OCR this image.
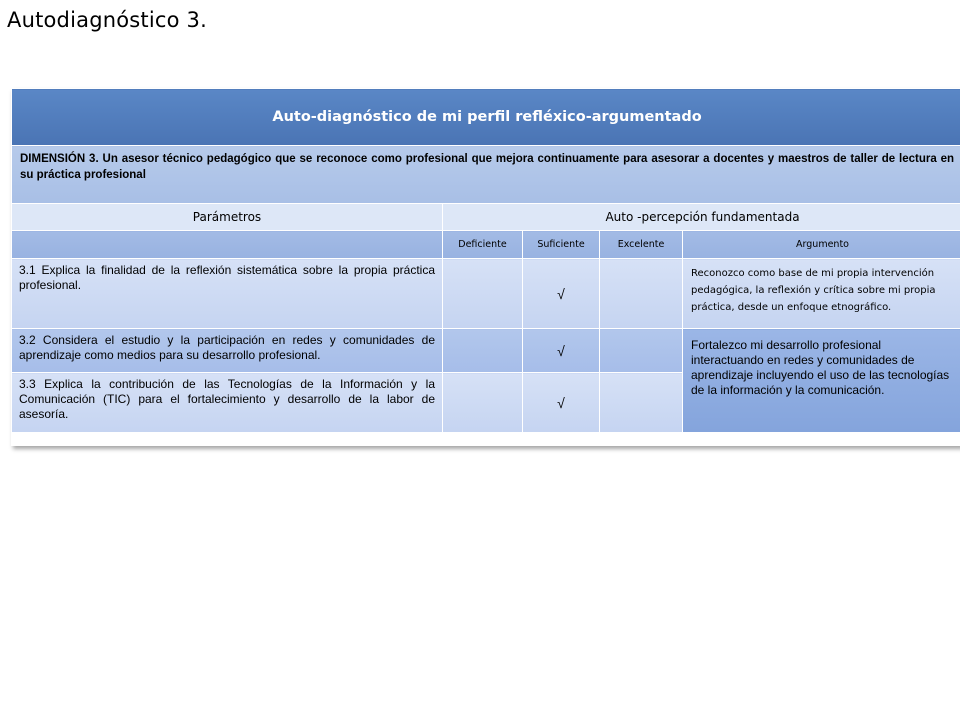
Autodiagnóstico 3.
Auto-diagnóstico de mi perfil refléxico-argumentado				
DIMENSIÓN 3. Un asesor técnico pedagógico que se reconoce como profesional que mejora continuamente para asesorar a docentes y maestros de taller de lectura en su práctica profesional				
Parámetros	Auto -percepción fundamentada			
	Deficiente	Suficiente	Excelente	Argumento
3.1 Explica la finalidad de la reflexión sistemática sobre la propia práctica profesional.		√		Reconozco como base de mi propia intervención pedagógica, la reflexión y crítica sobre mi propia práctica, desde un enfoque etnográfico.
3.2 Considera el estudio y la participación en redes y comunidades de aprendizaje como medios para su desarrollo profesional.		√		Fortalezco mi desarrollo profesional interactuando en redes y comunidades de aprendizaje incluyendo el uso de las tecnologías de la información y la comunicación.
3.3 Explica la contribución de las Tecnologías de la Información y la Comunicación (TIC) para el fortalecimiento y desarrollo de la labor de asesoría.		√		
